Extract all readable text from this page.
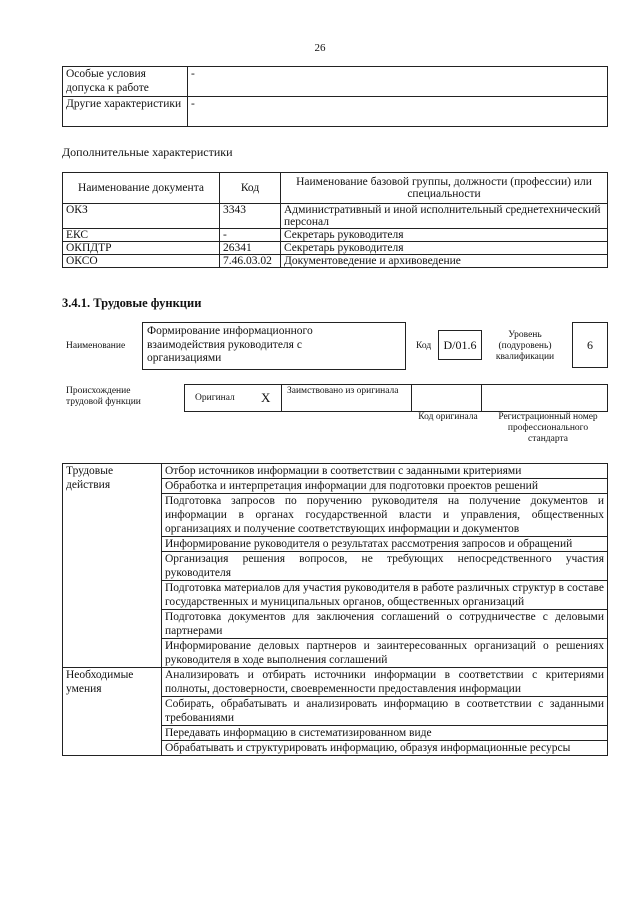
26
Особые условия допуска к работе	-
Другие характеристики	-
Дополнительные характеристики
Наименование документа	Код	Наименование базовой группы, должности (профессии) или специальности
ОКЗ	3343	Административный и иной исполнительный среднетехнический персонал
ЕКС	-	Секретарь руководителя
ОКПДТР	26341	Секретарь руководителя
ОКСО	7.46.03.02	Документоведение и архивоведение
3.4.1. Трудовые функции
Наименование
Формирование информационного взаимодействия руководителя с организациями
Код	D/01.6
Уровень (подуровень) квалификации
6
Происхождение трудовой функции	Оригинал X Заимствовано из оригинала
Код оригинала	Регистрационный номер профессионального стандарта
Трудовые действия	Отбор источников информации в соответствии с заданными критериями
	Обработка и интерпретация информации для подготовки проектов решений
	Подготовка запросов по поручению руководителя на получение документов и информации в органах государственной власти и управления, общественных организациях и получение соответствующих информации и документов
	Информирование руководителя о результатах рассмотрения запросов и обращений
	Организация решения вопросов, не требующих непосредственного участия руководителя
	Подготовка материалов для участия руководителя в работе различных структур в составе государственных и муниципальных органов, общественных организаций
	Подготовка документов для заключения соглашений о сотрудничестве с деловыми партнерами
	Информирование деловых партнеров и заинтересованных организаций о решениях руководителя в ходе выполнения соглашений
Необходимые умения	Анализировать и отбирать источники информации в соответствии с критериями полноты, достоверности, своевременности предоставления информации
	Собирать, обрабатывать и анализировать информацию в соответствии с заданными требованиями
	Передавать информацию в систематизированном виде
	Обрабатывать и структурировать информацию, образуя информационные ресурсы
